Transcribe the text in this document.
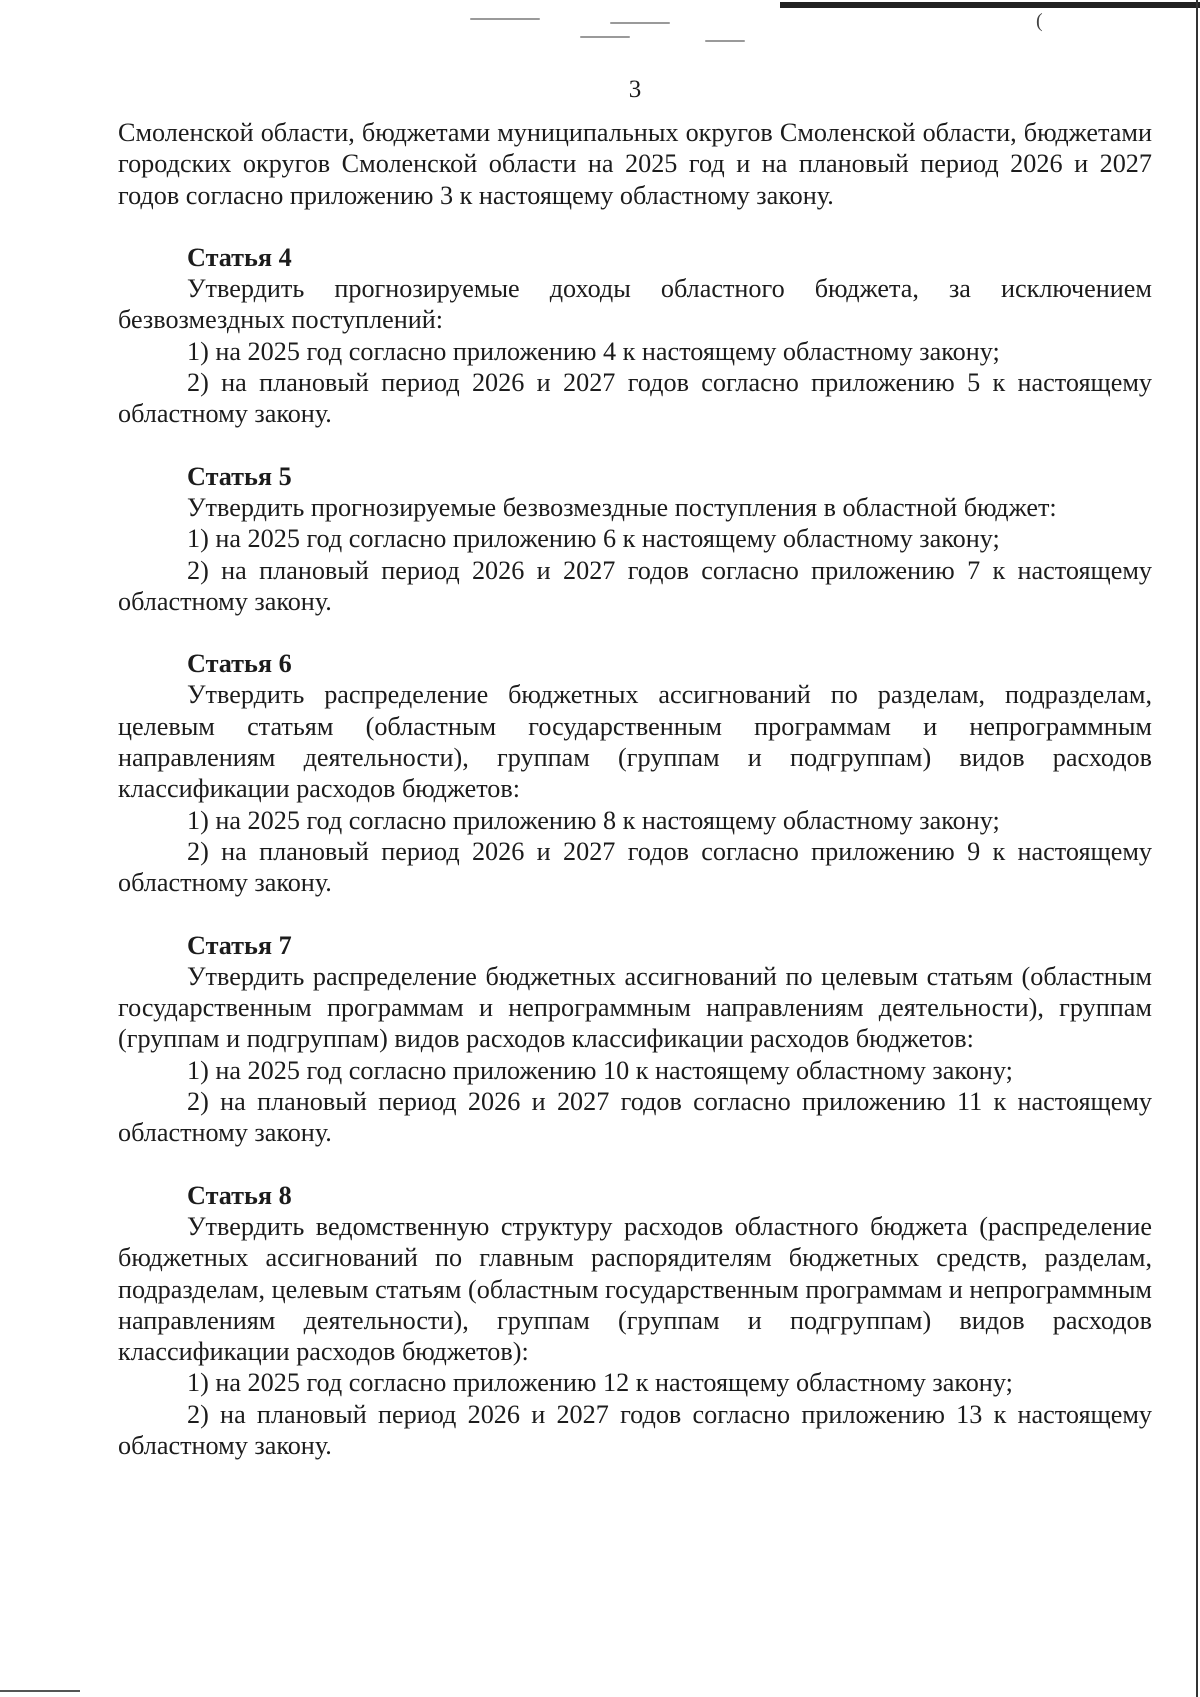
(
3

Смоленской области, бюджетами муниципальных округов Смоленской области, бюджетами городских округов Смоленской области на 2025 год и на плановый период 2026 и 2027 годов согласно приложению 3 к настоящему областному закону.

Статья 4

Утвердить прогнозируемые доходы областного бюджета, за исключением безвозмездных поступлений:

1) на 2025 год согласно приложению 4 к настоящему областному закону;

2) на плановый период 2026 и 2027 годов согласно приложению 5 к настоящему областному закону.

Статья 5

Утвердить прогнозируемые безвозмездные поступления в областной бюджет:

1) на 2025 год согласно приложению 6 к настоящему областному закону;

2) на плановый период 2026 и 2027 годов согласно приложению 7 к настоящему областному закону.

Статья 6

Утвердить распределение бюджетных ассигнований по разделам, подразделам, целевым статьям (областным государственным программам и непрограммным направлениям деятельности), группам (группам и подгруппам) видов расходов классификации расходов бюджетов:

1) на 2025 год согласно приложению 8 к настоящему областному закону;

2) на плановый период 2026 и 2027 годов согласно приложению 9 к настоящему областному закону.

Статья 7

Утвердить распределение бюджетных ассигнований по целевым статьям (областным государственным программам и непрограммным направлениям деятельности), группам (группам и подгруппам) видов расходов классификации расходов бюджетов:

1) на 2025 год согласно приложению 10 к настоящему областному закону;

2) на плановый период 2026 и 2027 годов согласно приложению 11 к настоящему областному закону.

Статья 8

Утвердить ведомственную структуру расходов областного бюджета (распределение бюджетных ассигнований по главным распорядителям бюджетных средств, разделам, подразделам, целевым статьям (областным государственным программам и непрограммным направлениям деятельности), группам (группам и подгруппам) видов расходов классификации расходов бюджетов):

1) на 2025 год согласно приложению 12 к настоящему областному закону;

2) на плановый период 2026 и 2027 годов согласно приложению 13 к настоящему областному закону.
